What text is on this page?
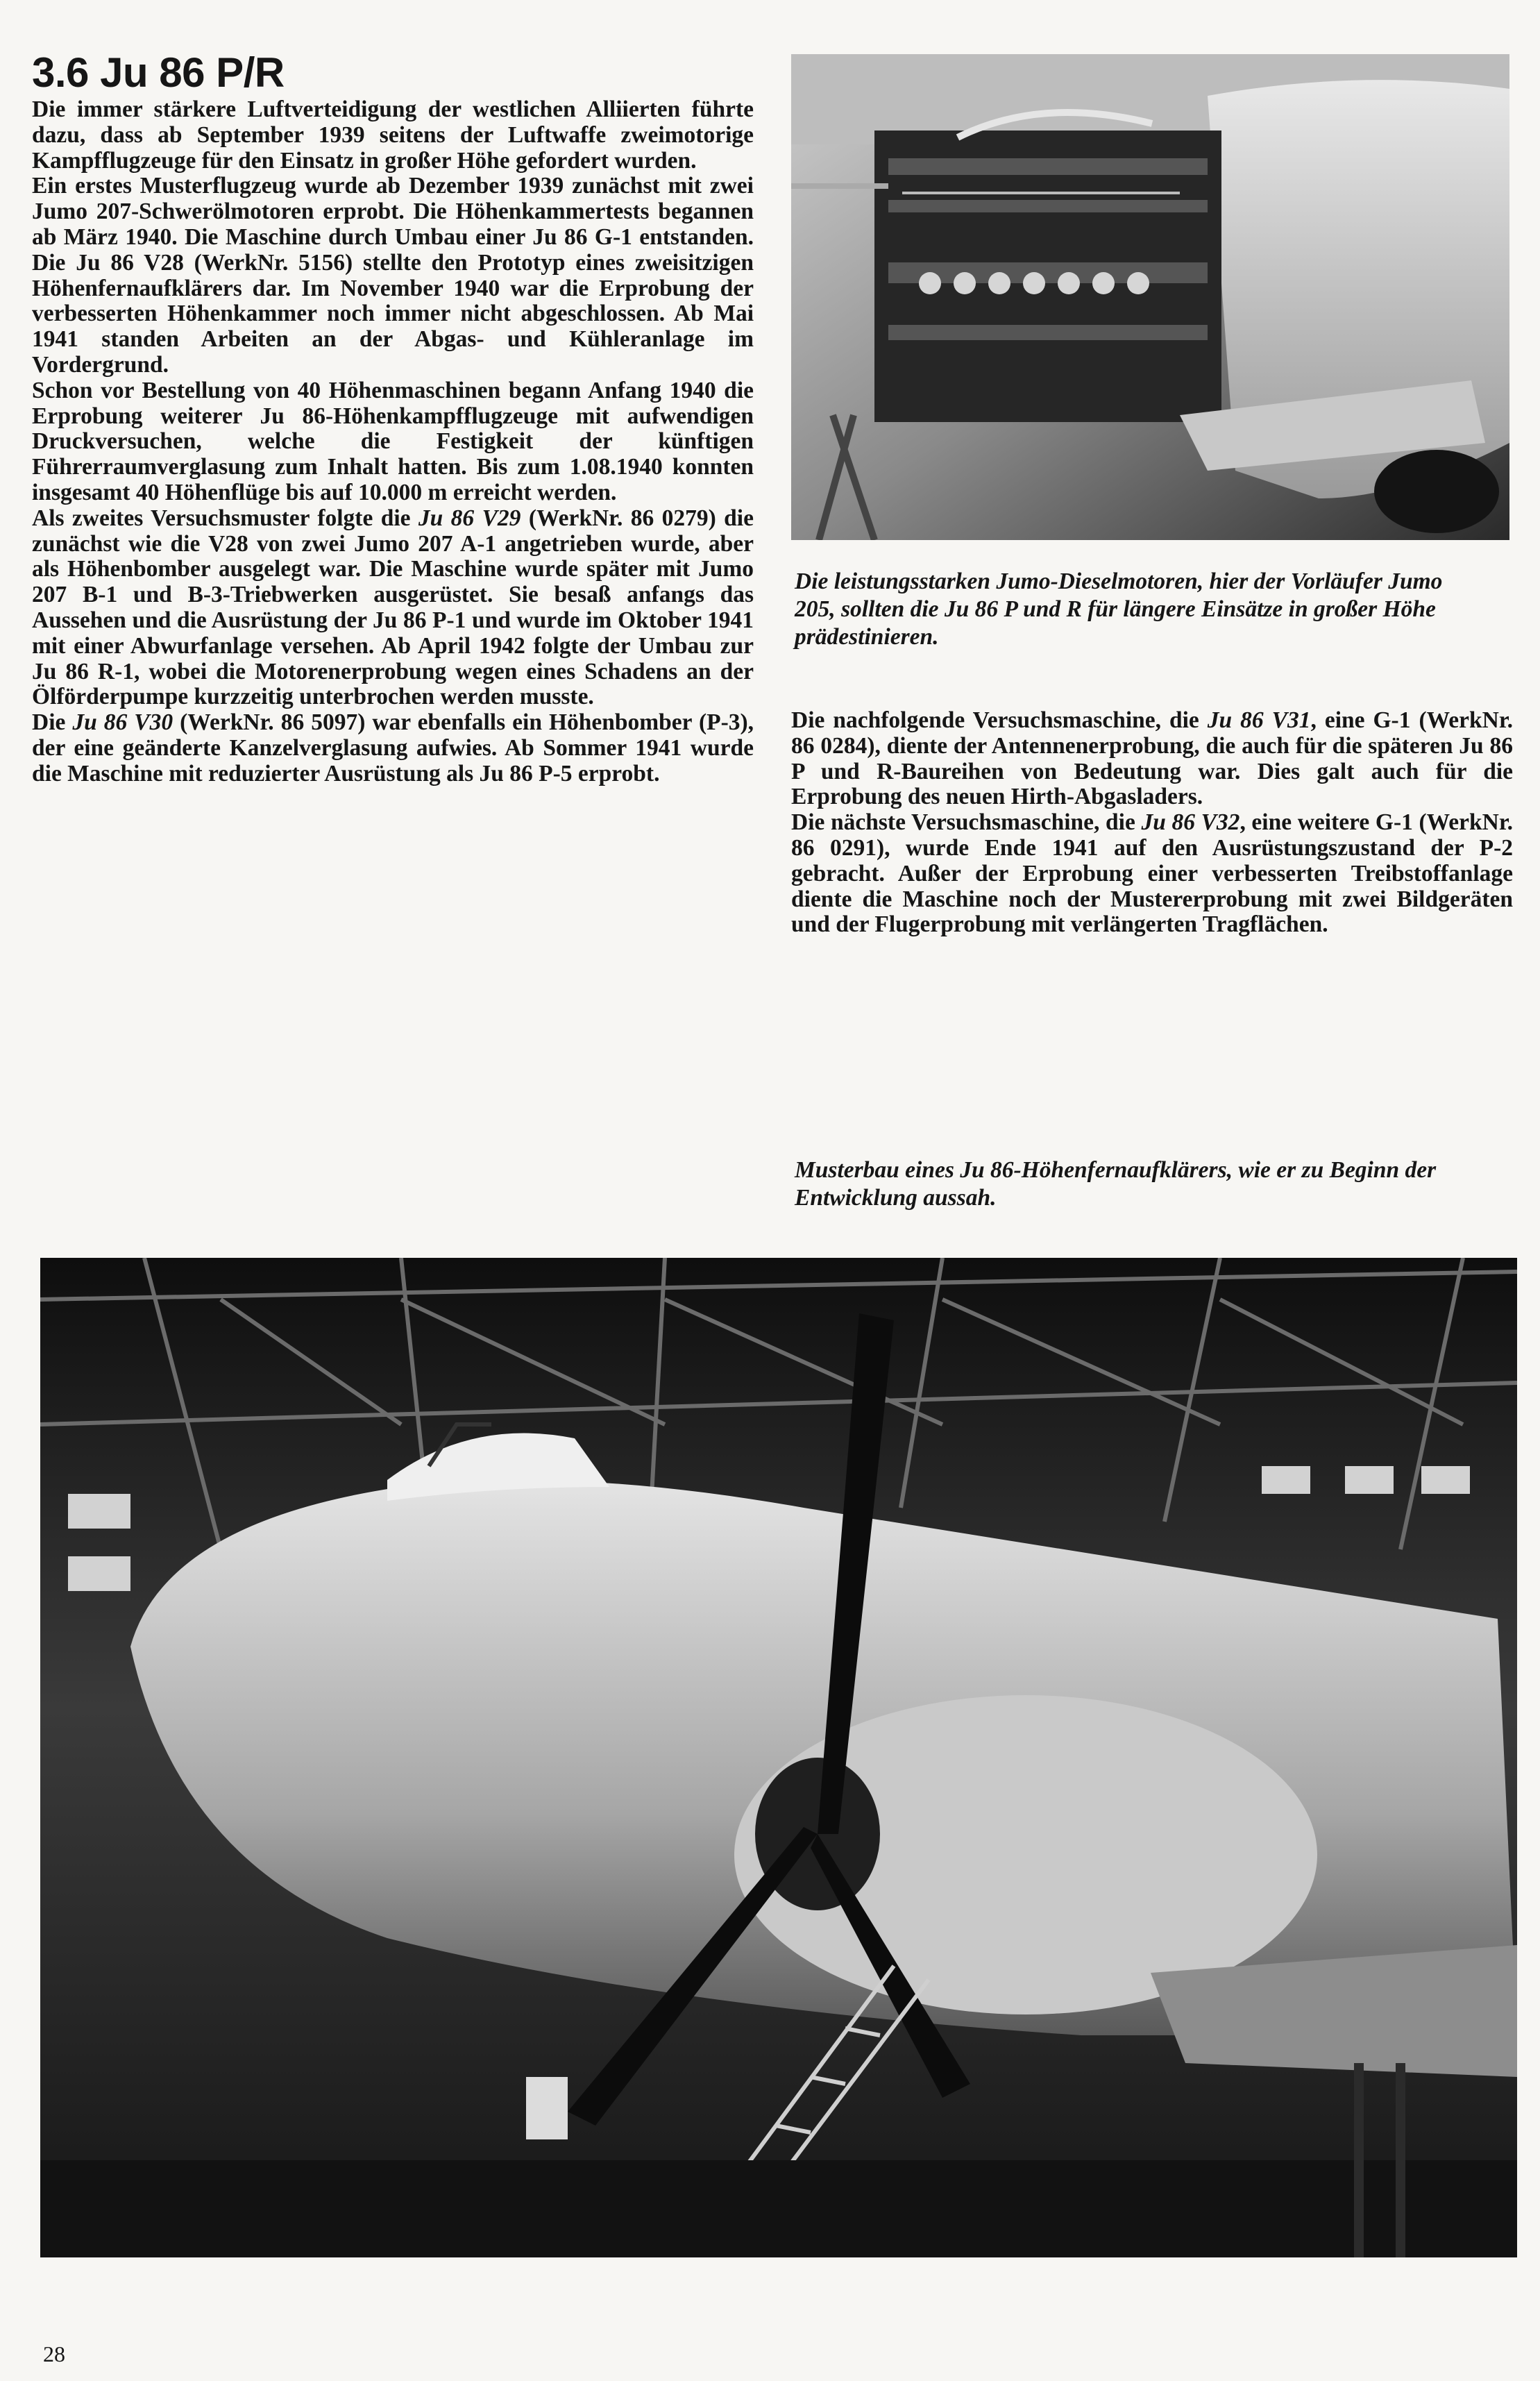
3.6 Ju 86 P/R

Die immer stärkere Luftverteidigung der westlichen Alliierten führte dazu, dass ab September 1939 seitens der Luftwaffe zweimotorige Kampfflugzeuge für den Einsatz in großer Höhe gefordert wurden.

Ein erstes Musterflugzeug wurde ab Dezember 1939 zunächst mit zwei Jumo 207-Schwerölmotoren erprobt. Die Höhenkammertests begannen ab März 1940. Die Maschine durch Umbau einer Ju 86 G-1 entstanden. Die Ju 86 V28 (WerkNr. 5156) stellte den Prototyp eines zweisitzigen Höhenfernaufklärers dar. Im November 1940 war die Erprobung der verbesserten Höhenkammer noch immer nicht abgeschlossen. Ab Mai 1941 standen Arbeiten an der Abgas- und Kühleranlage im Vordergrund.

Schon vor Bestellung von 40 Höhenmaschinen begann Anfang 1940 die Erprobung weiterer Ju 86-Höhenkampfflugzeuge mit aufwendigen Druckversuchen, welche die Festigkeit der künftigen Führerraumverglasung zum Inhalt hatten. Bis zum 1.08.1940 konnten insgesamt 40 Höhenflüge bis auf 10.000 m erreicht werden.

Als zweites Versuchsmuster folgte die Ju 86 V29 (WerkNr. 86 0279) die zunächst wie die V28 von zwei Jumo 207 A-1 angetrieben wurde, aber als Höhenbomber ausgelegt war. Die Maschine wurde später mit Jumo 207 B-1 und B-3-Triebwerken ausgerüstet. Sie besaß anfangs das Aussehen und die Ausrüstung der Ju 86 P-1 und wurde im Oktober 1941 mit einer Abwurfanlage versehen. Ab April 1942 folgte der Umbau zur Ju 86 R-1, wobei die Motorenerprobung wegen eines Schadens an der Ölförderpumpe kurzzeitig unterbrochen werden musste.

Die Ju 86 V30 (WerkNr. 86 5097) war ebenfalls ein Höhenbomber (P-3), der eine geänderte Kanzelverglasung aufwies. Ab Sommer 1941 wurde die Maschine mit reduzierter Ausrüstung als Ju 86 P-5 erprobt.

Die leistungsstarken Jumo-Dieselmotoren, hier der Vorläufer Jumo 205, sollten die Ju 86 P und R für längere Einsätze in großer Höhe prädestinieren.

Die nachfolgende Versuchsmaschine, die Ju 86 V31, eine G-1 (WerkNr. 86 0284), diente der Antennenerprobung, die auch für die späteren Ju 86 P und R-Baureihen von Bedeutung war. Dies galt auch für die Erprobung des neuen Hirth-Abgasladers.

Die nächste Versuchsmaschine, die Ju 86 V32, eine weitere G-1 (WerkNr. 86 0291), wurde Ende 1941 auf den Ausrüstungszustand der P-2 gebracht. Außer der Erprobung einer verbesserten Treibstoffanlage diente die Maschine noch der Mustererprobung mit zwei Bildgeräten und der Flugerprobung mit verlängerten Tragflächen.

Musterbau eines Ju 86-Höhenfernaufklärers, wie er zu Beginn der Entwicklung aussah.
28
